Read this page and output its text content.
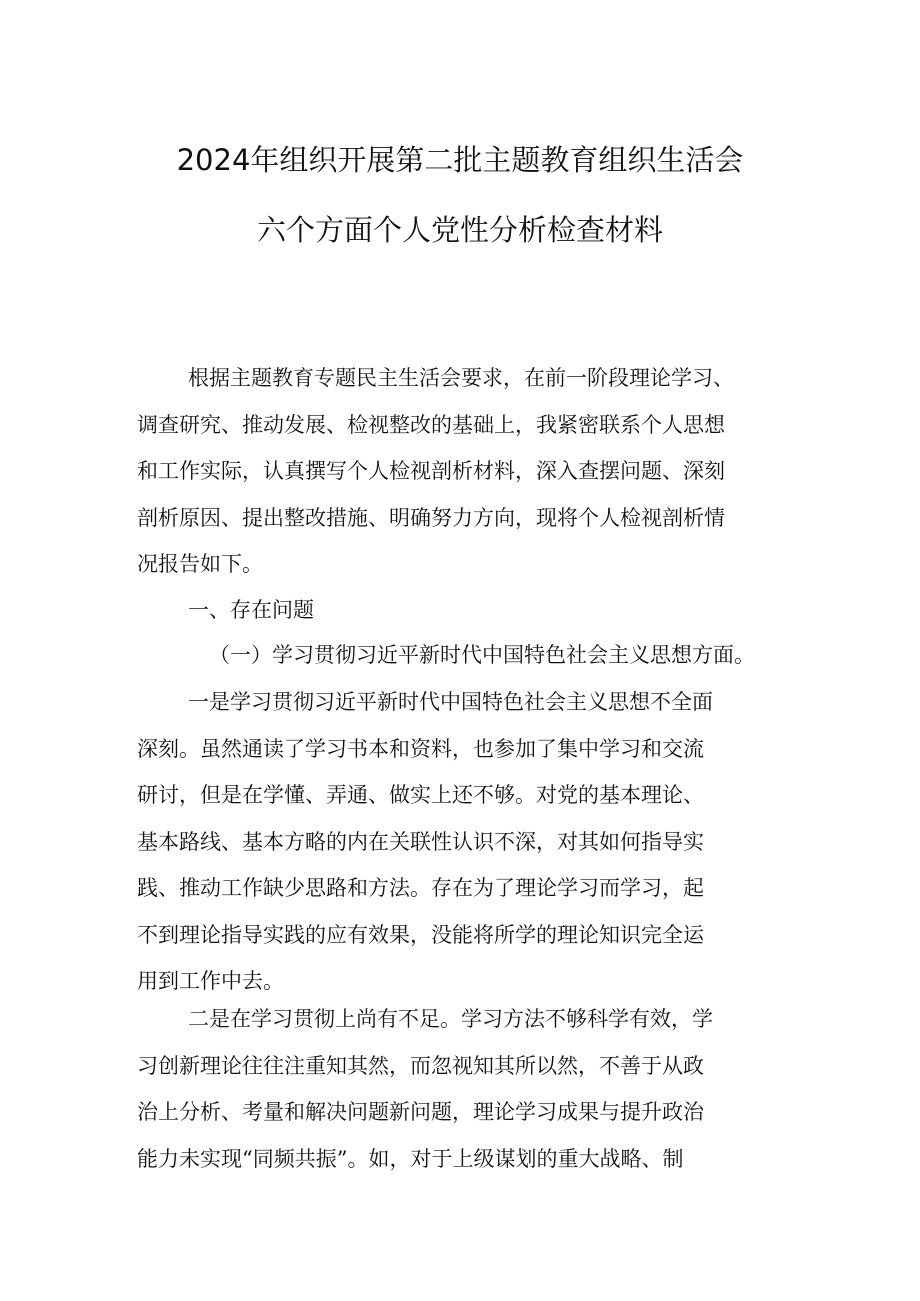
2024年组织开展第二批主题教育组织生活会
六个方面个人党性分析检查材料
根据主题教育专题民主生活会要求，在前一阶段理论学习、
调查研究、推动发展、检视整改的基础上，我紧密联系个人思想
和工作实际，认真撰写个人检视剖析材料，深入查摆问题、深刻
剖析原因、提出整改措施、明确努力方向，现将个人检视剖析情
况报告如下。
一、存在问题
（一）学习贯彻习近平新时代中国特色社会主义思想方面。
一是学习贯彻习近平新时代中国特色社会主义思想不全面
深刻。虽然通读了学习书本和资料，也参加了集中学习和交流
研讨，但是在学懂、弄通、做实上还不够。对党的基本理论、
基本路线、基本方略的内在关联性认识不深，对其如何指导实
践、推动工作缺少思路和方法。存在为了理论学习而学习，起
不到理论指导实践的应有效果，没能将所学的理论知识完全运
用到工作中去。
二是在学习贯彻上尚有不足。学习方法不够科学有效，学
习创新理论往往注重知其然，而忽视知其所以然，不善于从政
治上分析、考量和解决问题新问题，理论学习成果与提升政治
能力未实现“同频共振”。如，对于上级谋划的重大战略、制
